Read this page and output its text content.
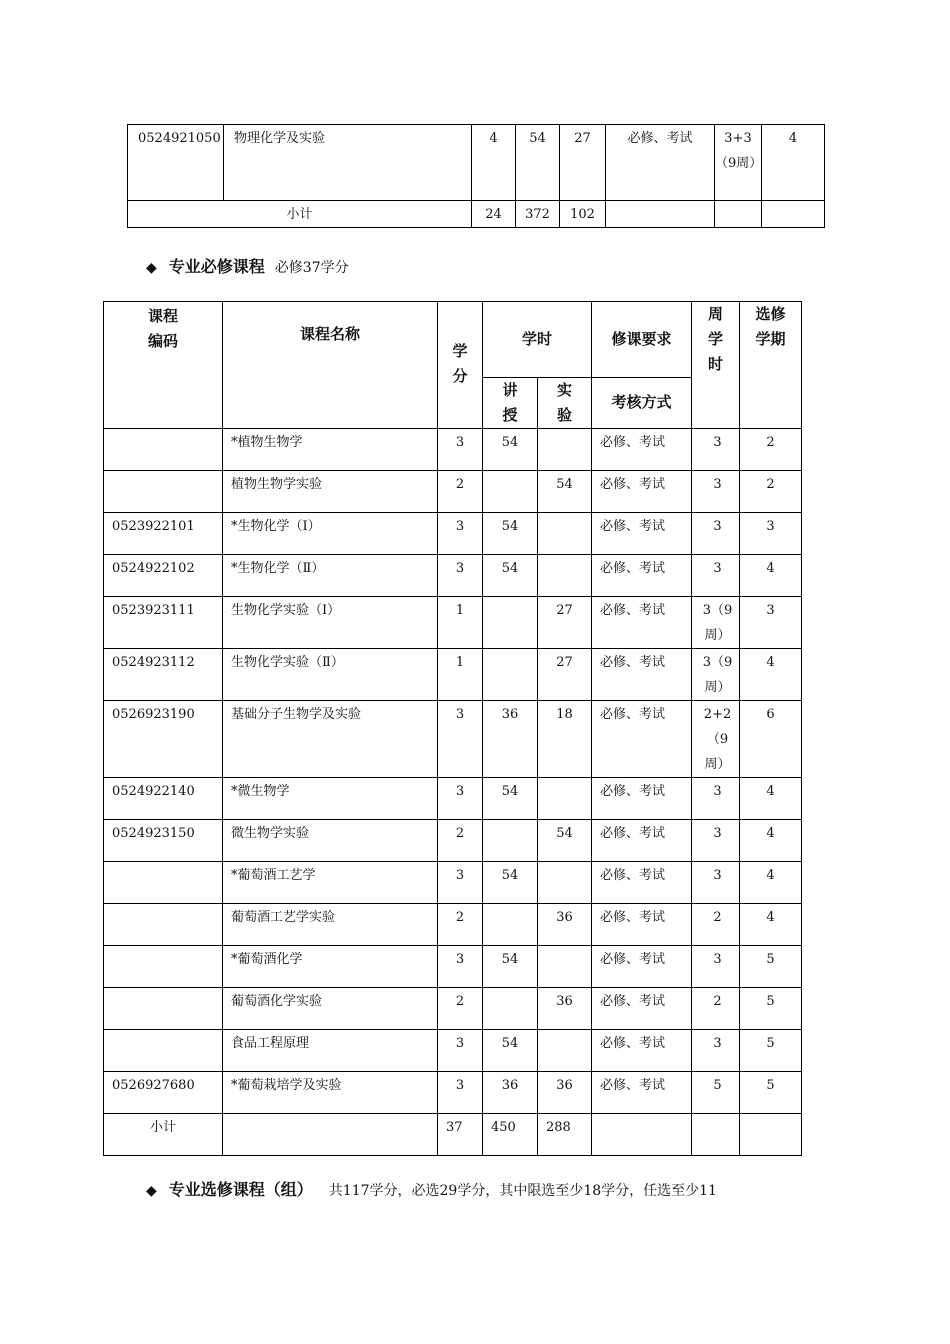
0524921050	物理化学及实验	4	54	27	必修、考试	3+3（9周）	4
小计		24	372	102			
◆ 专业必修课程 必修37学分
课程编码	课程名称	学分	学时		修课要求	周学时	选修学期
			讲授	实验	考核方式		
	*植物生物学	3	54		必修、考试	3	2
	植物生物学实验	2		54	必修、考试	3	2
0523922101	*生物化学（Ⅰ）	3	54		必修、考试	3	3
0524922102	*生物化学（Ⅱ）	3	54		必修、考试	3	4
0523923111	生物化学实验（Ⅰ）	1		27	必修、考试	3（9周）	3
0524923112	生物化学实验（Ⅱ）	1		27	必修、考试	3（9周）	4
0526923190	基础分子生物学及实验	3	36	18	必修、考试	2+2（9周）	6
0524922140	*微生物学	3	54		必修、考试	3	4
0524923150	微生物学实验	2		54	必修、考试	3	4
	*葡萄酒工艺学	3	54		必修、考试	3	4
	葡萄酒工艺学实验	2		36	必修、考试	2	4
	*葡萄酒化学	3	54		必修、考试	3	5
	葡萄酒化学实验	2		36	必修、考试	2	5
	食品工程原理	3	54		必修、考试	3	5
0526927680	*葡萄栽培学及实验	3	36	36	必修、考试	5	5
小计		37	450	288			
◆ 专业选修课程（组） 共117学分，必选29学分，其中限选至少18学分，任选至少11
